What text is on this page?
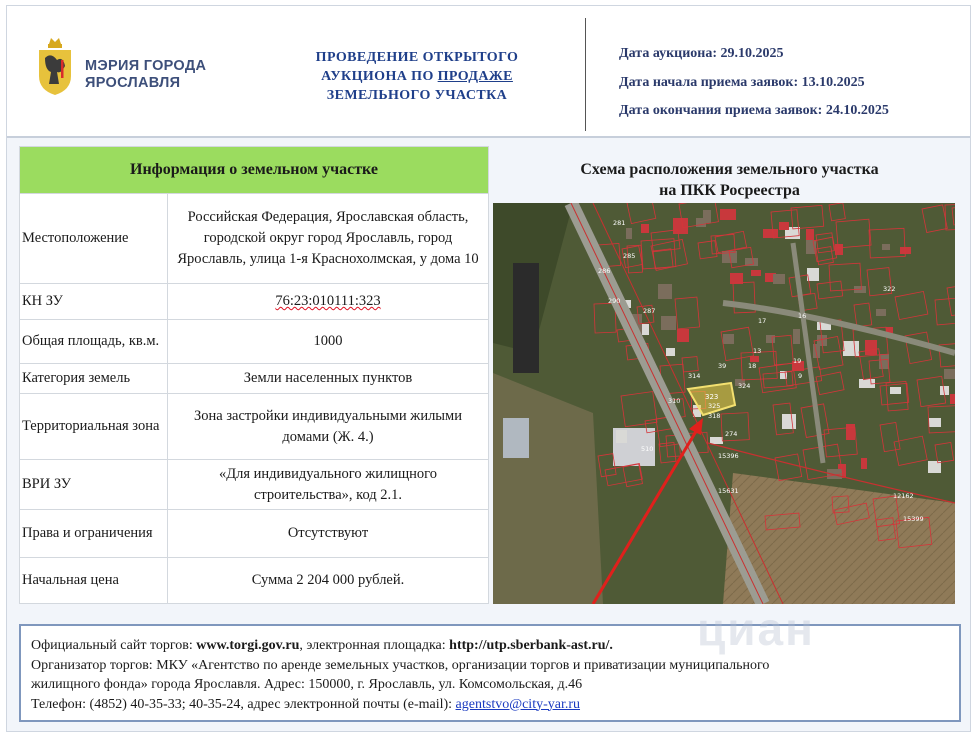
МЭРИЯ ГОРОДА
ЯРОСЛАВЛЯ
ПРОВЕДЕНИЕ ОТКРЫТОГО
АУКЦИОНА ПО ПРОДАЖЕ
ЗЕМЕЛЬНОГО УЧАСТКА
Дата аукциона: 29.10.2025
Дата начала приема заявок: 13.10.2025
Дата окончания приема заявок: 24.10.2025
Информация о земельном участке	
Местоположение	Российская Федерация, Ярославская область, городской округ город Ярославль, город Ярославль, улица 1-я Краснохолмская, у дома 10
КН ЗУ	76:23:010111:323
Общая площадь, кв.м.	1000
Категория земель	Земли населенных пунктов
Территориальная зона	Зона застройки индивидуальными жилыми домами (Ж. 4.)
ВРИ ЗУ	«Для индивидуального жилищного строительства», код 2.1.
Права и ограничения	Отсутствуют
Начальная цена	Сумма 2 204 000 рублей.
Схема расположения земельного участка
на ПКК Росреестра
323
281
285
286
290
287
310
314
318
325
324
322
12162
15399
15631
15396
39	18
13
19
9
17
16
510
274
Официальный сайт торгов: www.torgi.gov.ru, электронная площадка: http://utp.sberbank-ast.ru/.
Организатор торгов: МКУ «Агентство по аренде земельных участков, организации торгов и приватизации муниципального
жилищного фонда» города Ярославля. Адрес: 150000, г. Ярославль, ул. Комсомольская, д.46
Телефон: (4852) 40-35-33; 40-35-24, адрес электронной почты (e-mail): agentstvo@city-yar.ru
циан
